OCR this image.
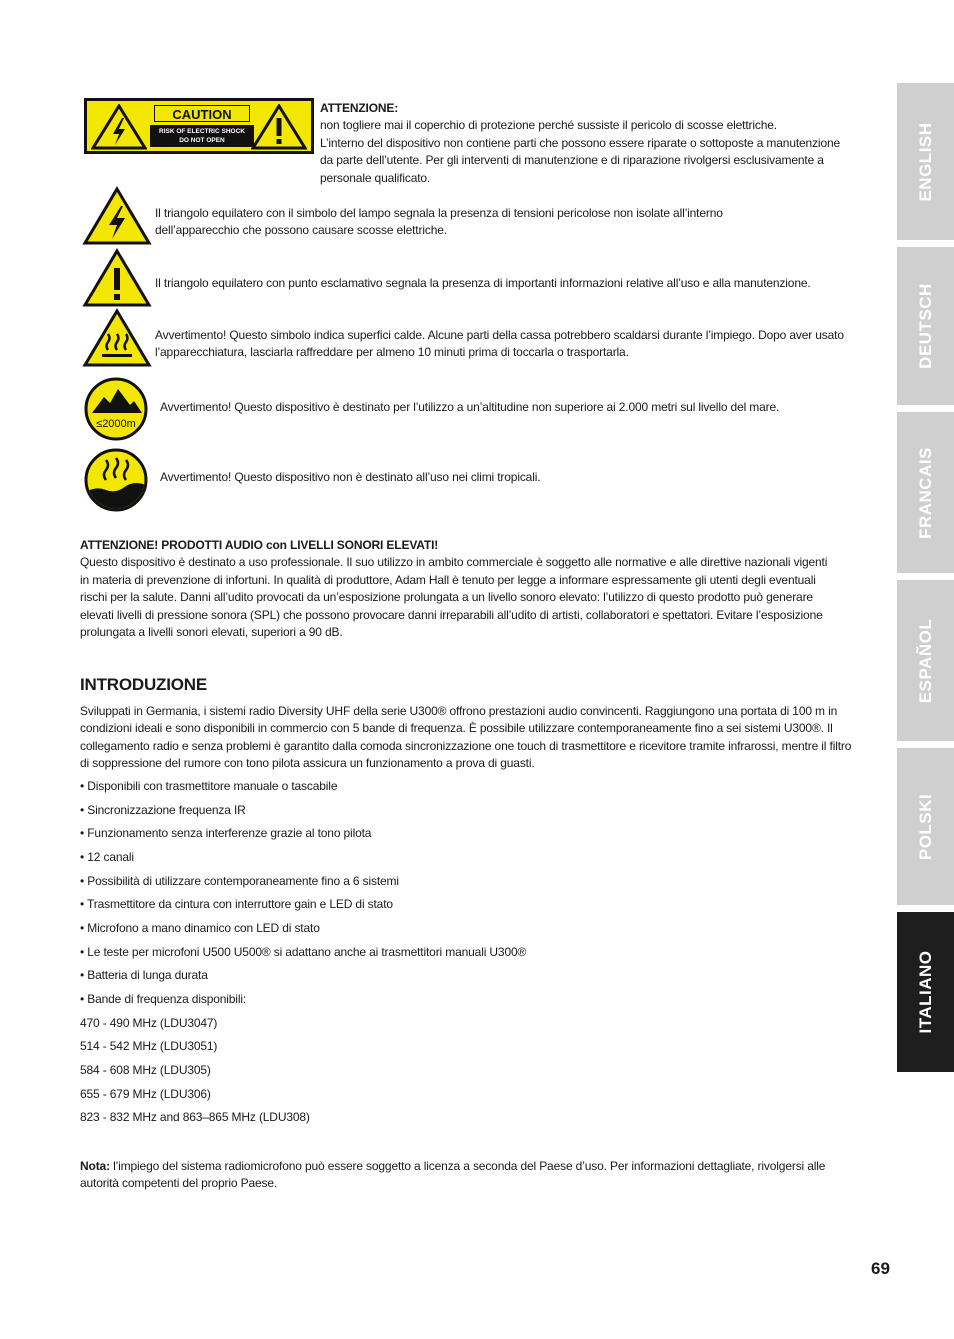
CAUTION
RISK OF ELECTRIC SHOCK
DO NOT OPEN
ATTENZIONE:
non togliere mai il coperchio di protezione perché sussiste il pericolo di scosse elettriche.
L’interno del dispositivo non contiene parti che possono essere riparate o sottoposte a manutenzione
da parte dell’utente. Per gli interventi di manutenzione e di riparazione rivolgersi esclusivamente a
personale qualificato.
Il triangolo equilatero con il simbolo del lampo segnala la presenza di tensioni pericolose non isolate all’interno
dell’apparecchio che possono causare scosse elettriche.
Il triangolo equilatero con punto esclamativo segnala la presenza di importanti informazioni relative all’uso e alla manutenzione.
Avvertimento! Questo simbolo indica superfici calde. Alcune parti della cassa potrebbero scaldarsi durante l’impiego. Dopo aver usato
l’apparecchiatura, lasciarla raffreddare per almeno 10 minuti prima di toccarla o trasportarla.
≤2000m
Avvertimento! Questo dispositivo è destinato per l’utilizzo a un’altitudine non superiore ai 2.000 metri sul livello del mare.
Avvertimento! Questo dispositivo non è destinato all’uso nei climi tropicali.
ATTENZIONE! PRODOTTI AUDIO con LIVELLI SONORI ELEVATI!
Questo dispositivo è destinato a uso professionale. Il suo utilizzo in ambito commerciale è soggetto alle normative e alle direttive nazionali vigenti
in materia di prevenzione di infortuni. In qualità di produttore, Adam Hall è tenuto per legge a informare espressamente gli utenti degli eventuali
rischi per la salute. Danni all’udito provocati da un’esposizione prolungata a un livello sonoro elevato: l’utilizzo di questo prodotto può generare
elevati livelli di pressione sonora (SPL) che possono provocare danni irreparabili all’udito di artisti, collaboratori e spettatori. Evitare l’esposizione
prolungata a livelli sonori elevati, superiori a 90 dB.
INTRODUZIONE
Sviluppati in Germania, i sistemi radio Diversity UHF della serie U300® offrono prestazioni audio convincenti. Raggiungono una portata di 100 m in
condizioni ideali e sono disponibili in commercio con 5 bande di frequenza. È possibile utilizzare contemporaneamente fino a sei sistemi U300®. Il
collegamento radio e senza problemi è garantito dalla comoda sincronizzazione one touch di trasmettitore e ricevitore tramite infrarossi, mentre il filtro
di soppressione del rumore con tono pilota assicura un funzionamento a prova di guasti.
• Disponibili con trasmettitore manuale o tascabile
• Sincronizzazione frequenza IR
• Funzionamento senza interferenze grazie al tono pilota
• 12 canali
• Possibilità di utilizzare contemporaneamente fino a 6 sistemi
• Trasmettitore da cintura con interruttore gain e LED di stato
• Microfono a mano dinamico con LED di stato
• Le teste per microfoni U500 U500® si adattano anche ai trasmettitori manuali U300®
• Batteria di lunga durata
• Bande di frequenza disponibili:
470 - 490 MHz (LDU3047)
514 - 542 MHz (LDU3051)
584 - 608 MHz (LDU305)
655 - 679 MHz (LDU306)
823 - 832 MHz and 863–865 MHz (LDU308)
Nota: l’impiego del sistema radiomicrofono può essere soggetto a licenza a seconda del Paese d’uso. Per informazioni dettagliate, rivolgersi alle
autorità competenti del proprio Paese.
ENGLISH
DEUTSCH
FRANCAIS
ESPAÑOL
POLSKI
ITALIANO
69
